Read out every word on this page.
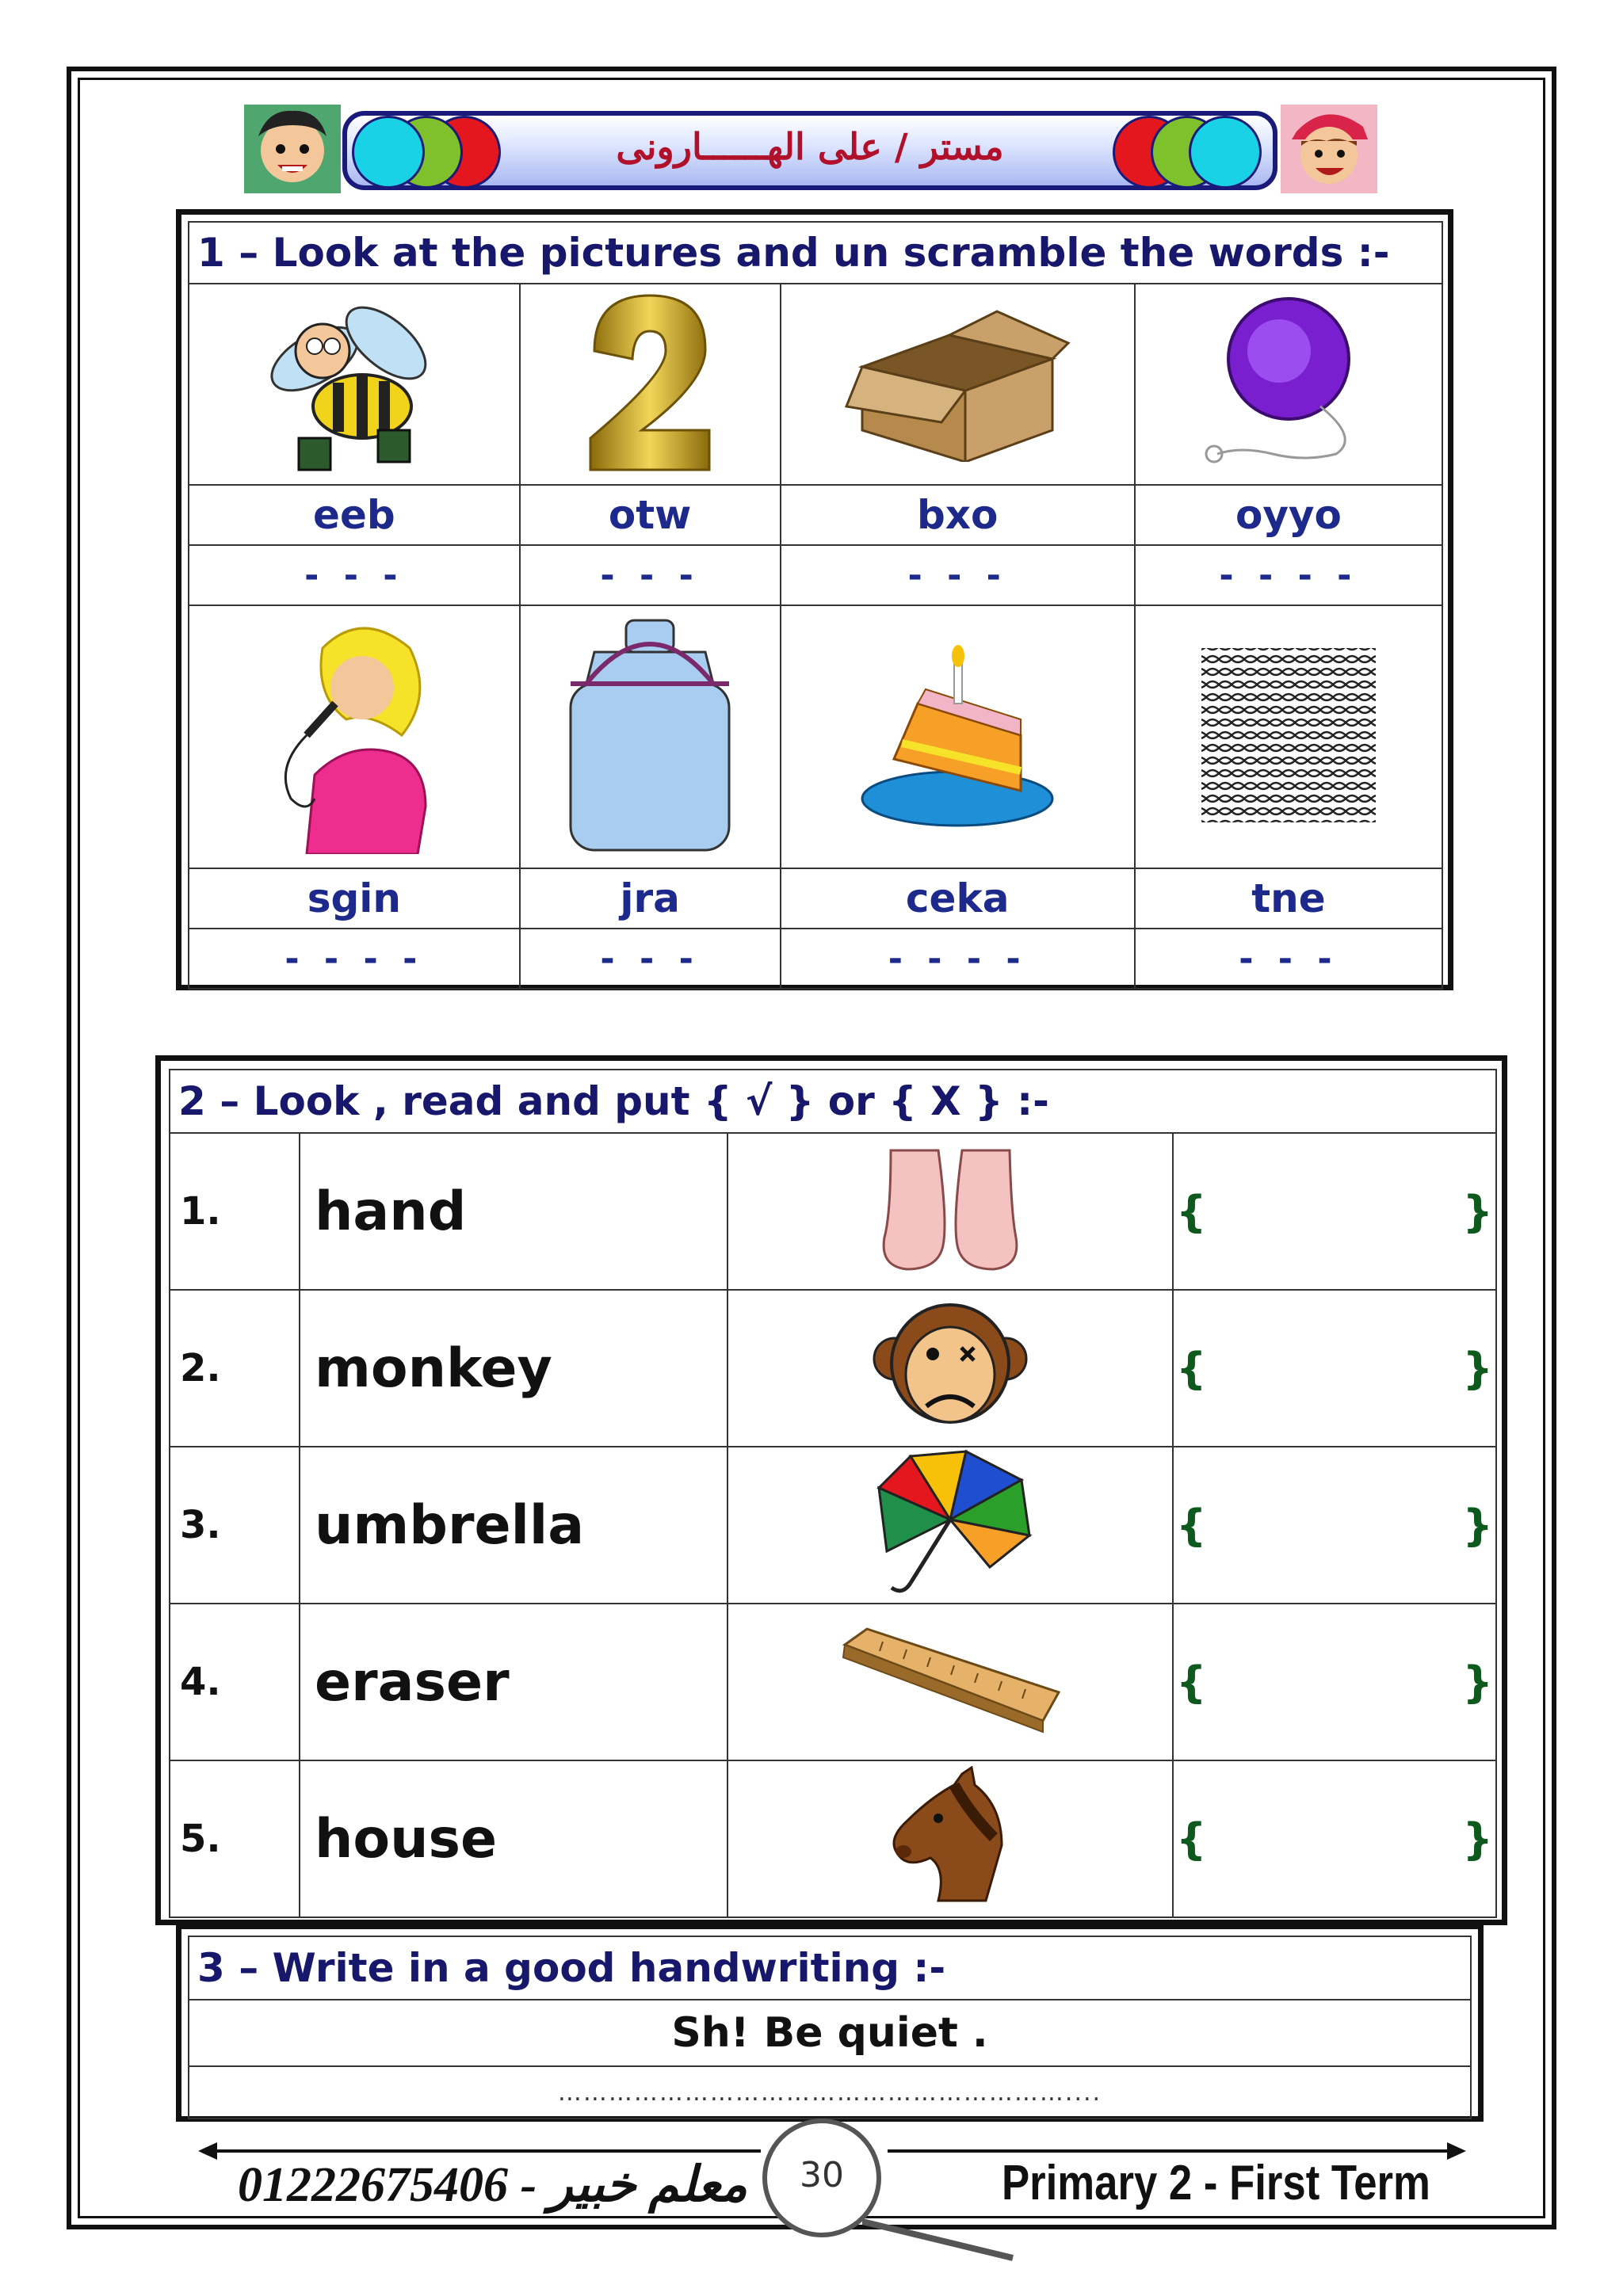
مستر / على الهــــــارونى
1 – Look at the pictures and un scramble the words :-			

eeb	otw	bxo	oyyo
- - -	- - -	- - -	- - - -

sgin	jra	ceka	tne
- - - -	- - -	- - - -	- - -
2 – Look , read and put { √ } or { X } :-			
1.	hand		{ }
2.	monkey		{ }
3.	umbrella		{ }
4.	eraser		{ }
5.	house		{ }
3 – Write in a good handwriting :-
Sh! Be quiet .
……………………………………………………....
01222675406 - معلم خبير	30	Primary 2 - First Term
